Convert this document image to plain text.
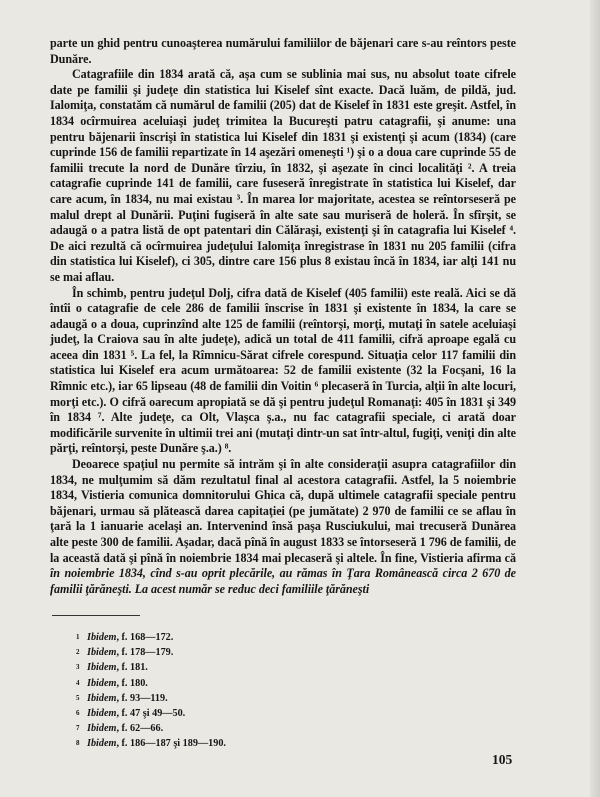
parte un ghid pentru cunoaşterea numărului familiilor de băjenari care s-au reîntors peste Dunăre.

Catagrafiile din 1834 arată că, aşa cum se sublinia mai sus, nu absolut toate cifrele date pe familii şi judeţe din statistica lui Kiselef sînt exacte. Dacă luăm, de pildă, jud. Ialomiţa, constatăm că numărul de familii (205) dat de Kiselef în 1831 este greşit. Astfel, în 1834 ocîrmuirea aceluiaşi judeţ trimitea la Bucureşti patru catagrafii, şi anume: una pentru băjenarii înscrişi în statistica lui Kiselef din 1831 şi existenţi şi acum (1834) (care cuprinde 156 de familii repartizate în 14 aşezări omeneşti ¹) şi o a doua care cuprinde 55 de familii trecute la nord de Dunăre tîrziu, în 1832, şi aşezate în cinci localităţi ². A treia catagrafie cuprinde 141 de familii, care fuseseră înregistrate în statistica lui Kiselef, dar care acum, în 1834, nu mai existau ³. În marea lor majoritate, acestea se reîntorseseră pe malul drept al Dunării. Puţini fugiseră în alte sate sau muriseră de holeră. În sfîrşit, se adaugă o a patra listă de opt patentari din Călăraşi, existenţi şi în catagrafia lui Kiselef ⁴. De aici rezultă că ocîrmuirea judeţului Ialomiţa înregistrase în 1831 nu 205 familii (cifra din statistica lui Kiselef), ci 305, dintre care 156 plus 8 existau încă în 1834, iar alţi 141 nu se mai aflau.

În schimb, pentru judeţul Dolj, cifra dată de Kiselef (405 familii) este reală. Aici se dă întîi o catagrafie de cele 286 de familii înscrise în 1831 şi existente în 1834, la care se adaugă o a doua, cuprinzînd alte 125 de familii (reîntorşi, morţi, mutaţi în satele aceluiaşi judeţ, la Craiova sau în alte judeţe), adică un total de 411 familii, cifră aproape egală cu aceea din 1831 ⁵. La fel, la Rîmnicu-Sărat cifrele corespund. Situaţia celor 117 familii din statistica lui Kiselef era acum următoarea: 52 de familii existente (32 la Focşani, 16 la Rîmnic etc.), iar 65 lipseau (48 de familii din Voitin ⁶ plecaseră în Turcia, alţii în alte locuri, morţi etc.). O cifră oarecum apropiată se dă şi pentru judeţul Romanaţi: 405 în 1831 şi 349 în 1834 ⁷. Alte judeţe, ca Olt, Vlaşca ş.a., nu fac catagrafii speciale, ci arată doar modificările survenite în ultimii trei ani (mutaţi dintr-un sat într-altul, fugiţi, veniţi din alte părţi, reîntorşi, peste Dunăre ş.a.) ⁸.

Deoarece spaţiul nu permite să intrăm şi în alte consideraţii asupra catagrafiilor din 1834, ne mulţumim să dăm rezultatul final al acestora catagrafii. Astfel, la 5 noiembrie 1834, Vistieria comunica domnitorului Ghica că, după ultimele catagrafii speciale pentru băjenari, urmau să plătească darea capitaţiei (pe jumătate) 2 970 de familii ce se aflau în ţară la 1 ianuarie acelaşi an. Intervenind însă paşa Rusciukului, mai trecuseră Dunărea alte peste 300 de familii. Aşadar, dacă pînă în august 1833 se întorseseră 1 796 de familii, de la această dată şi pînă în noiembrie 1834 mai plecaseră şi altele. În fine, Vistieria afirma că în noiembrie 1834, cînd s-au oprit plecările, au rămas în Ţara Românească circa 2 670 de familii ţărăneşti. La acest număr se reduc deci familiile ţărăneşti

1 Ibidem, f. 168—172.
2 Ibidem, f. 178—179.
3 Ibidem, f. 181.
4 Ibidem, f. 180.
5 Ibidem, f. 93—119.
6 Ibidem, f. 47 şi 49—50.
7 Ibidem, f. 62—66.
8 Ibidem, f. 186—187 şi 189—190.
105
